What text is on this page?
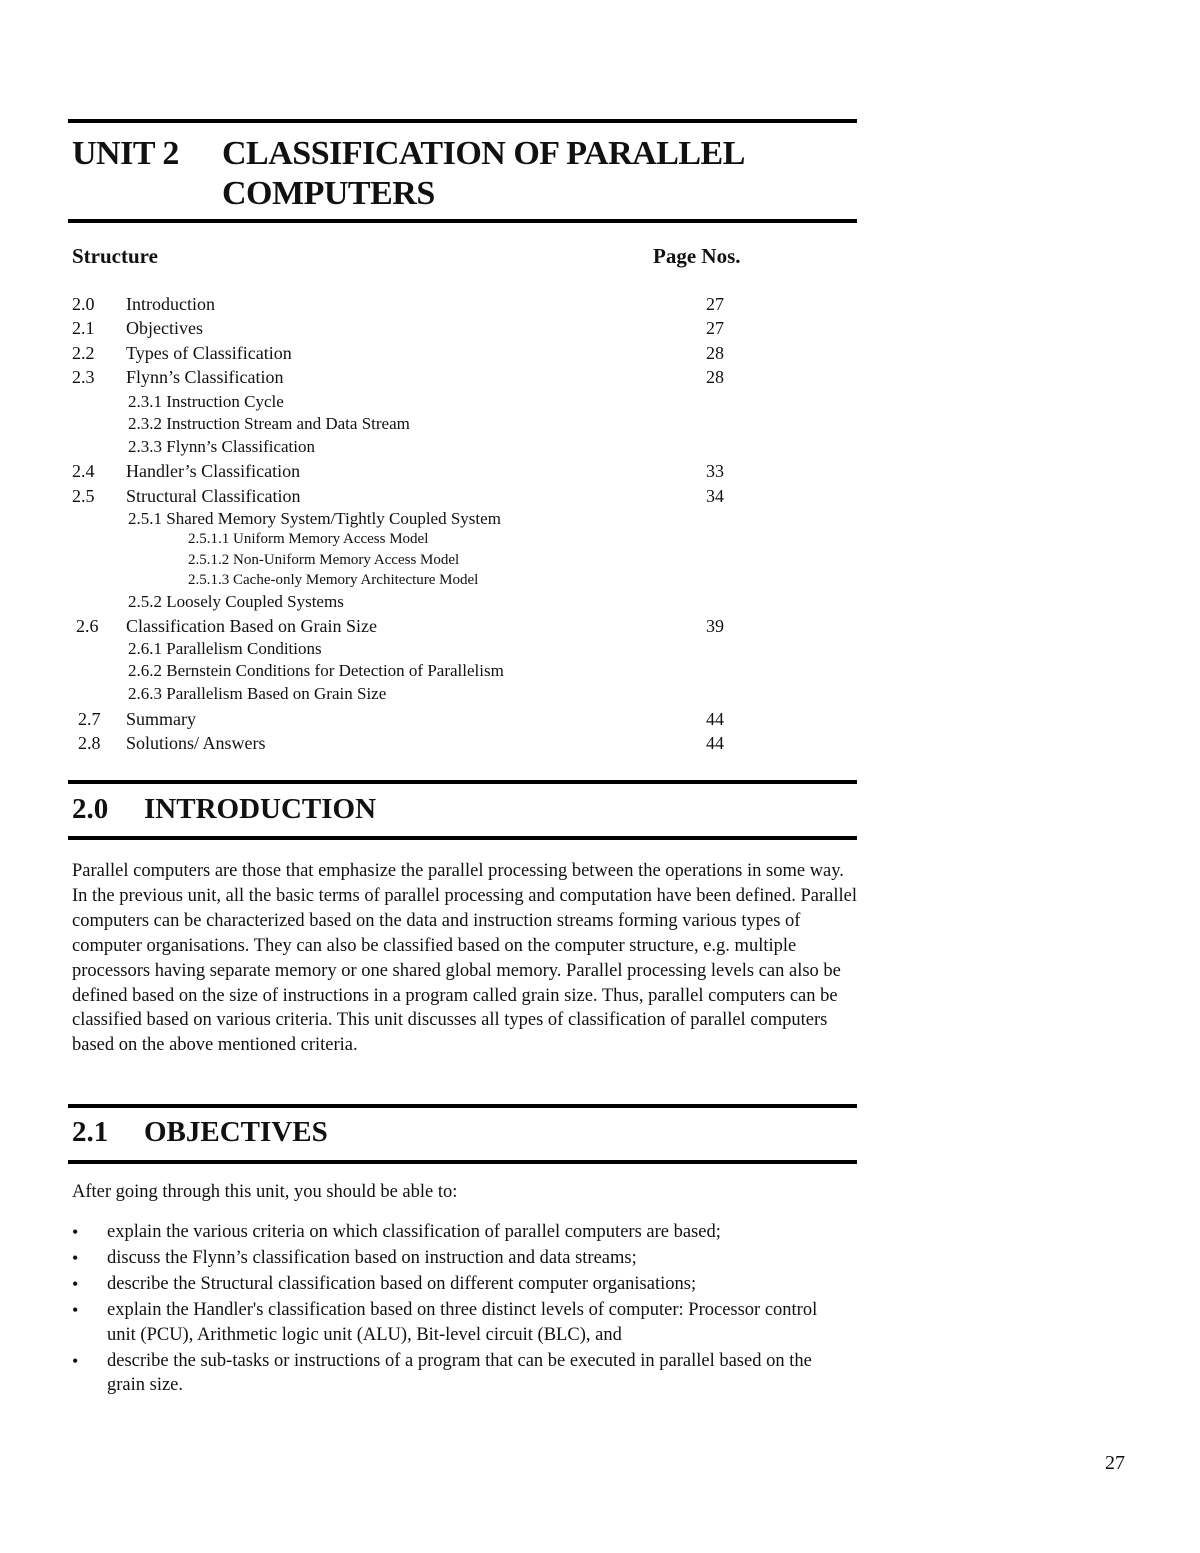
UNIT 2 CLASSIFICATION OF PARALLEL COMPUTERS
Structure	Page Nos.
2.0 Introduction	27
2.1 Objectives	27
2.2 Types of Classification	28
2.3 Flynn’s Classification	28
2.3.1 Instruction Cycle
2.3.2 Instruction Stream and Data Stream
2.3.3 Flynn’s Classification
2.4 Handler’s Classification	33
2.5 Structural Classification	34
2.5.1 Shared Memory System/Tightly Coupled System
2.5.1.1 Uniform Memory Access Model
2.5.1.2 Non-Uniform Memory Access Model
2.5.1.3 Cache-only Memory Architecture Model
2.5.2 Loosely Coupled Systems
2.6 Classification Based on Grain Size	39
2.6.1 Parallelism Conditions
2.6.2 Bernstein Conditions for Detection of Parallelism
2.6.3 Parallelism Based on Grain Size
2.7 Summary	44
2.8 Solutions/ Answers	44
2.0 INTRODUCTION
Parallel computers are those that emphasize the parallel processing between the operations in some way. In the previous unit, all the basic terms of parallel processing and computation have been defined. Parallel computers can be characterized based on the data and instruction streams forming various types of computer organisations. They can also be classified based on the computer structure, e.g. multiple processors having separate memory or one shared global memory. Parallel processing levels can also be defined based on the size of instructions in a program called grain size. Thus, parallel computers can be classified based on various criteria. This unit discusses all types of classification of parallel computers based on the above mentioned criteria.
2.1 OBJECTIVES
After going through this unit, you should be able to:
• explain the various criteria on which classification of parallel computers are based;
• discuss the Flynn’s classification based on instruction and data streams;
• describe the Structural classification based on different computer organisations;
• explain the Handler's classification based on three distinct levels of computer: Processor control unit (PCU), Arithmetic logic unit (ALU), Bit-level circuit (BLC), and
• describe the sub-tasks or instructions of a program that can be executed in parallel based on the grain size.
27
